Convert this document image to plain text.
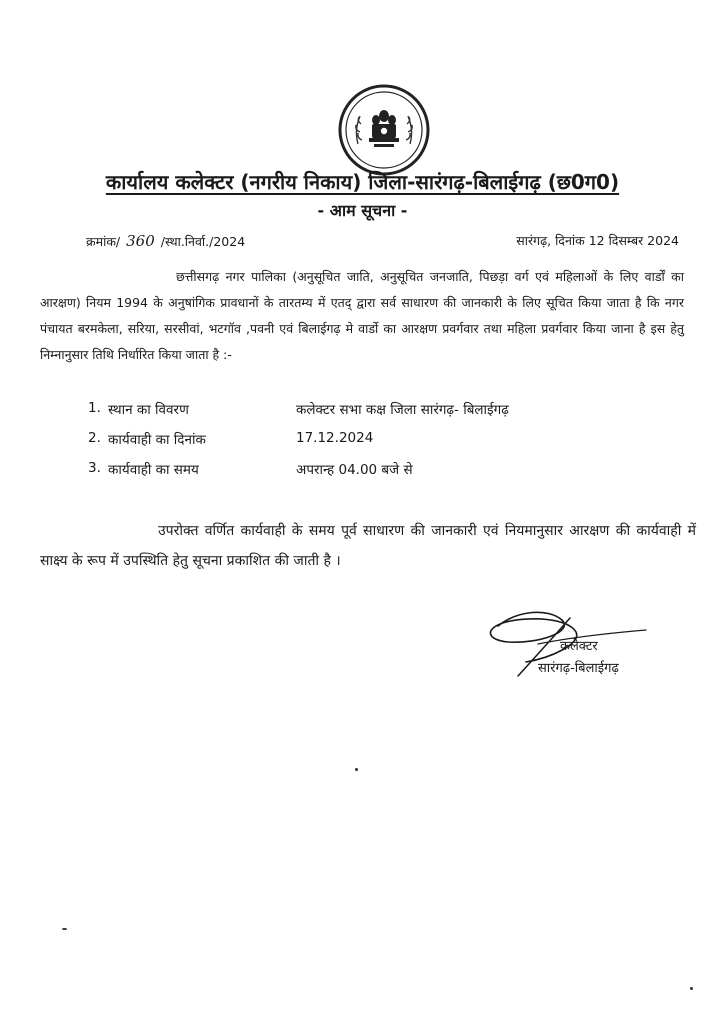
कार्यालय कलेक्टर (नगरीय निकाय) जिला-सारंगढ़-बिलाईगढ़ (छ0ग0)
- आम सूचना -
क्रमांक/ 360 /स्था.निर्वा./2024	सारंगढ़, दिनांक 12 दिसम्बर 2024
छत्तीसगढ़ नगर पालिका (अनुसूचित जाति, अनुसूचित जनजाति, पिछड़ा वर्ग एवं महिलाओं के लिए वार्डों का आरक्षण) नियम 1994 के अनुषांगिक प्रावधानों के तारतम्य में एतद् द्वारा सर्व साधारण की जानकारी के लिए सूचित किया जाता है कि नगर पंचायत बरमकेला, सरिया, सरसीवां, भटगॉव ,पवनी एवं बिलाईगढ़ मे वार्डो का आरक्षण प्रवर्गवार तथा महिला प्रवर्गवार किया जाना है इस हेतु निम्नानुसार तिथि निर्धारित किया जाता है :-
1. स्थान का विवरण	कलेक्टर सभा कक्ष जिला सारंगढ़- बिलाईगढ़
2. कार्यवाही का दिनांक	17.12.2024
3. कार्यवाही का समय	अपरान्ह 04.00 बजे से
उपरोक्त वर्णित कार्यवाही के समय पूर्व साधारण की जानकारी एवं नियमानुसार आरक्षण की कार्यवाही में साक्ष्य के रूप में उपस्थिति हेतु सूचना प्रकाशित की जाती है ।
कलेक्टर
सारंगढ़-बिलाईगढ़
